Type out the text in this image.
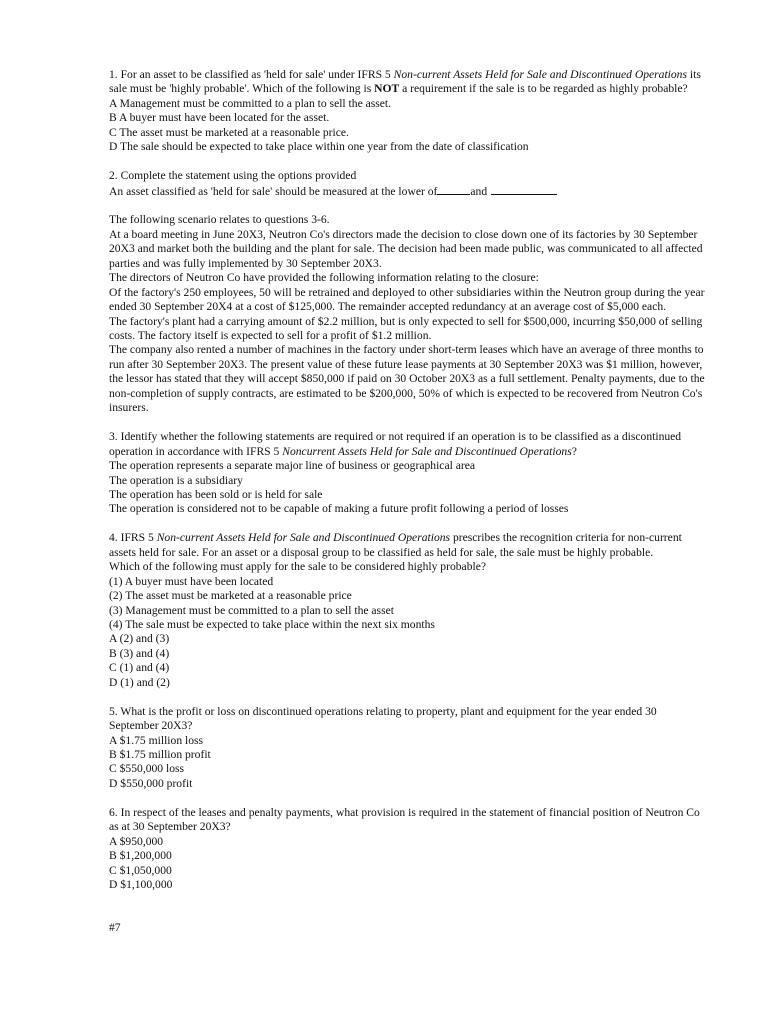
1. For an asset to be classified as 'held for sale' under IFRS 5 Non-current Assets Held for Sale and Discontinued Operations its sale must be 'highly probable'. Which of the following is NOT a requirement if the sale is to be regarded as highly probable?
A Management must be committed to a plan to sell the asset.
B A buyer must have been located for the asset.
C The asset must be marketed at a reasonable price.
D The sale should be expected to take place within one year from the date of classification
2. Complete the statement using the options provided
An asset classified as 'held for sale' should be measured at the lower of	and
The following scenario relates to questions 3-6.
At a board meeting in June 20X3, Neutron Co's directors made the decision to close down one of its factories by 30 September 20X3 and market both the building and the plant for sale. The decision had been made public, was communicated to all affected parties and was fully implemented by 30 September 20X3.
The directors of Neutron Co have provided the following information relating to the closure:
Of the factory's 250 employees, 50 will be retrained and deployed to other subsidiaries within the Neutron group during the year ended 30 September 20X4 at a cost of $125,000. The remainder accepted redundancy at an average cost of $5,000 each.
The factory's plant had a carrying amount of $2.2 million, but is only expected to sell for $500,000, incurring $50,000 of selling costs. The factory itself is expected to sell for a profit of $1.2 million.
The company also rented a number of machines in the factory under short-term leases which have an average of three months to run after 30 September 20X3. The present value of these future lease payments at 30 September 20X3 was $1 million, however, the lessor has stated that they will accept $850,000 if paid on 30 October 20X3 as a full settlement. Penalty payments, due to the non-completion of supply contracts, are estimated to be $200,000, 50% of which is expected to be recovered from Neutron Co's insurers.
3. Identify whether the following statements are required or not required if an operation is to be classified as a discontinued operation in accordance with IFRS 5 Noncurrent Assets Held for Sale and Discontinued Operations?
The operation represents a separate major line of business or geographical area
The operation is a subsidiary
The operation has been sold or is held for sale
The operation is considered not to be capable of making a future profit following a period of losses
4. IFRS 5 Non-current Assets Held for Sale and Discontinued Operations prescribes the recognition criteria for non-current assets held for sale. For an asset or a disposal group to be classified as held for sale, the sale must be highly probable.
Which of the following must apply for the sale to be considered highly probable?
(1) A buyer must have been located
(2) The asset must be marketed at a reasonable price
(3) Management must be committed to a plan to sell the asset
(4) The sale must be expected to take place within the next six months
A (2) and (3)
B (3) and (4)
C (1) and (4)
D (1) and (2)
5. What is the profit or loss on discontinued operations relating to property, plant and equipment for the year ended 30 September 20X3?
A $1.75 million loss
B $1.75 million profit
C $550,000 loss
D $550,000 profit
6. In respect of the leases and penalty payments, what provision is required in the statement of financial position of Neutron Co as at 30 September 20X3?
A $950,000
B $1,200,000
C $1,050,000
D $1,100,000
#7
